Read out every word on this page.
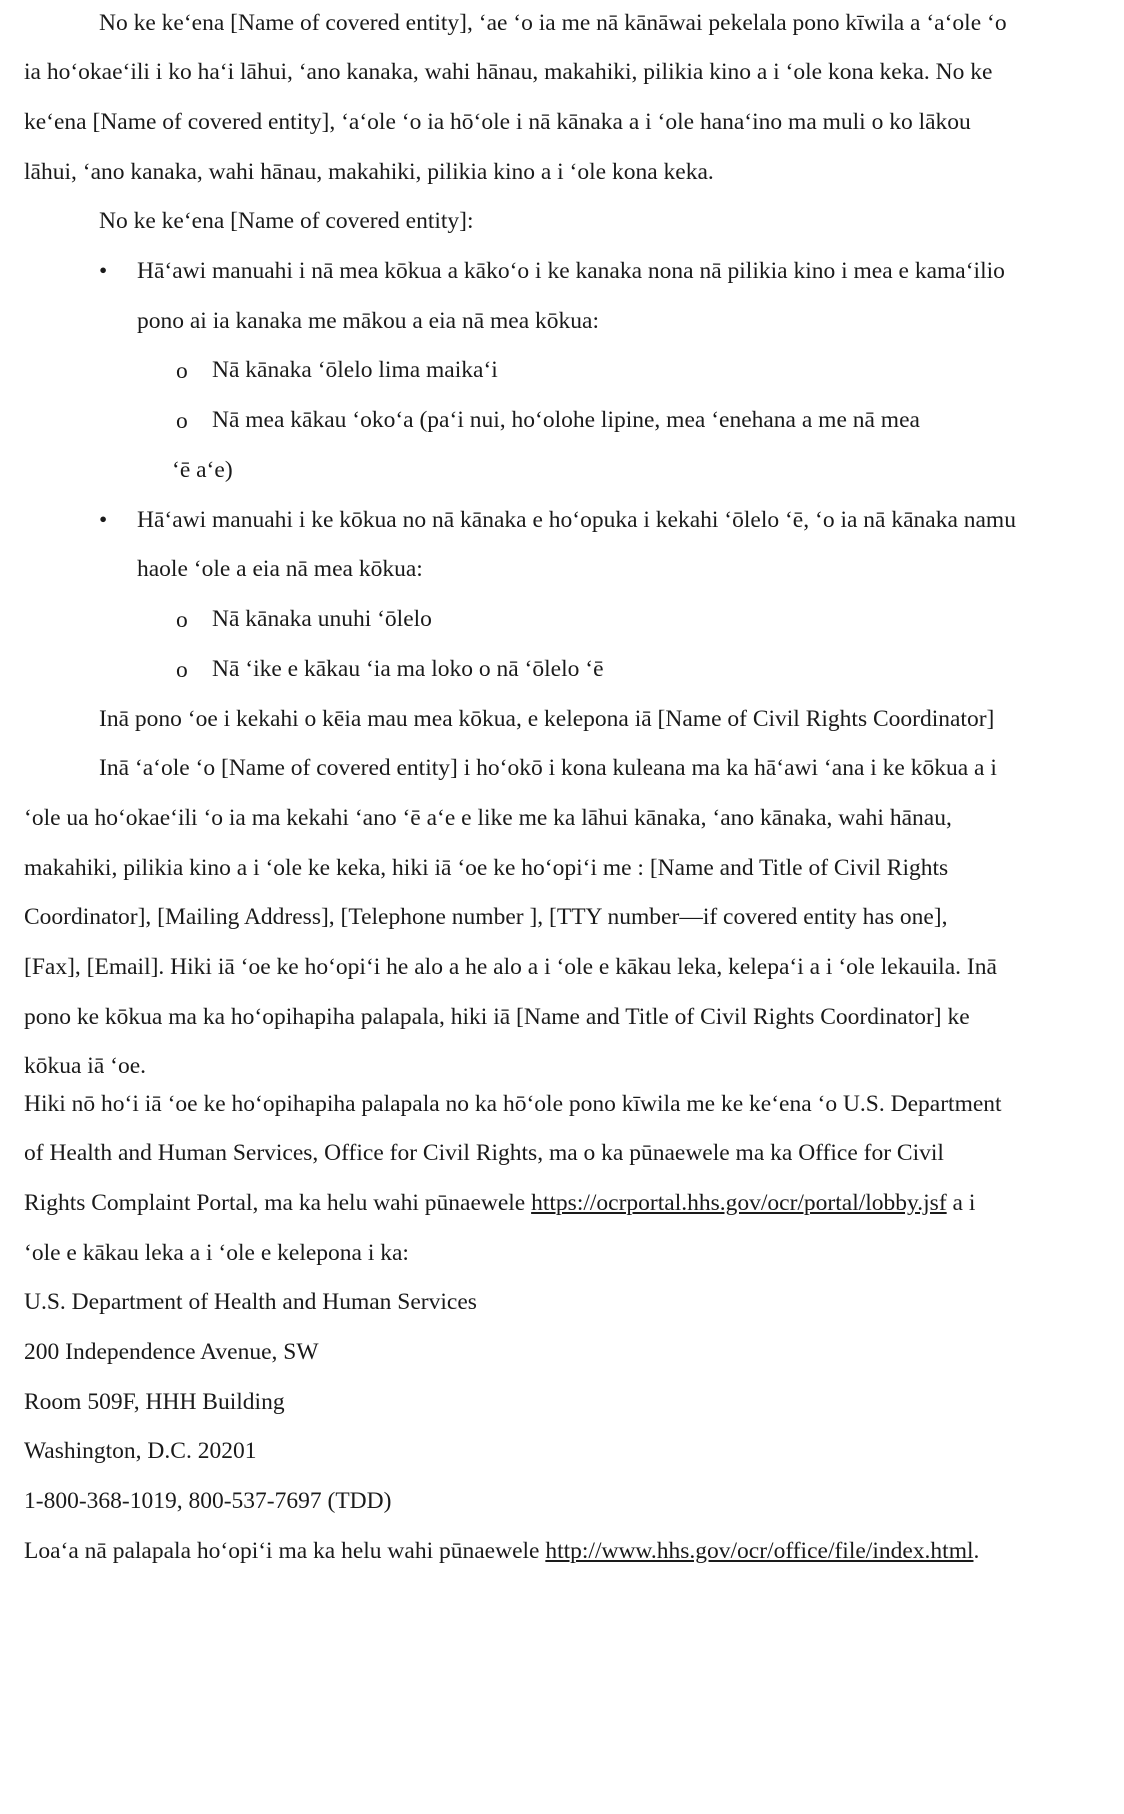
No ke keʻena [Name of covered entity], ʻae ʻo ia me nā kānāwai pekelala pono kīwila a ʻaʻole ʻo
ia hoʻokaeʻili i ko haʻi lāhui, ʻano kanaka, wahi hānau, makahiki, pilikia kino a i ʻole kona keka. No ke
keʻena [Name of covered entity], ʻaʻole ʻo ia hōʻole i nā kānaka a i ʻole hanaʻino ma muli o ko lākou
lāhui, ʻano kanaka, wahi hānau, makahiki, pilikia kino a i ʻole kona keka.
No ke keʻena [Name of covered entity]:
• Hāʻawi manuahi i nā mea kōkua a kākoʻo i ke kanaka nona nā pilikia kino i mea e kamaʻilio
pono ai ia kanaka me mākou a eia nā mea kōkua:
o Nā kānaka ʻōlelo lima maikaʻi
o Nā mea kākau ʻokoʻa (paʻi nui, hoʻolohe lipine, mea ʻenehana a me nā mea
ʻē aʻe)
• Hāʻawi manuahi i ke kōkua no nā kānaka e hoʻopuka i kekahi ʻōlelo ʻē, ʻo ia nā kānaka namu
haole ʻole a eia nā mea kōkua:
o Nā kānaka unuhi ʻōlelo
o Nā ʻike e kākau ʻia ma loko o nā ʻōlelo ʻē
Inā pono ʻoe i kekahi o kēia mau mea kōkua, e kelepona iā [Name of Civil Rights Coordinator]
Inā ʻaʻole ʻo [Name of covered entity] i hoʻokō i kona kuleana ma ka hāʻawi ʻana i ke kōkua a i
ʻole ua hoʻokaeʻili ʻo ia ma kekahi ʻano ʻē aʻe e like me ka lāhui kānaka, ʻano kānaka, wahi hānau,
makahiki, pilikia kino a i ʻole ke keka, hiki iā ʻoe ke hoʻopiʻi me : [Name and Title of Civil Rights
Coordinator], [Mailing Address], [Telephone number ], [TTY number—if covered entity has one],
[Fax], [Email]. Hiki iā ʻoe ke hoʻopiʻi he alo a he alo a i ʻole e kākau leka, kelepaʻi a i ʻole lekauila. Inā
pono ke kōkua ma ka hoʻopihapiha palapala, hiki iā [Name and Title of Civil Rights Coordinator] ke
kōkua iā ʻoe.
Hiki nō hoʻi iā ʻoe ke hoʻopihapiha palapala no ka hōʻole pono kīwila me ke keʻena ʻo U.S. Department
of Health and Human Services, Office for Civil Rights, ma o ka pūnaewele ma ka Office for Civil
Rights Complaint Portal, ma ka helu wahi pūnaewele https://ocrportal.hhs.gov/ocr/portal/lobby.jsf a i
ʻole e kākau leka a i ʻole e kelepona i ka:
U.S. Department of Health and Human Services
200 Independence Avenue, SW
Room 509F, HHH Building
Washington, D.C. 20201
1-800-368-1019, 800-537-7697 (TDD)
Loaʻa nā palapala hoʻopiʻi ma ka helu wahi pūnaewele http://www.hhs.gov/ocr/office/file/index.html.
